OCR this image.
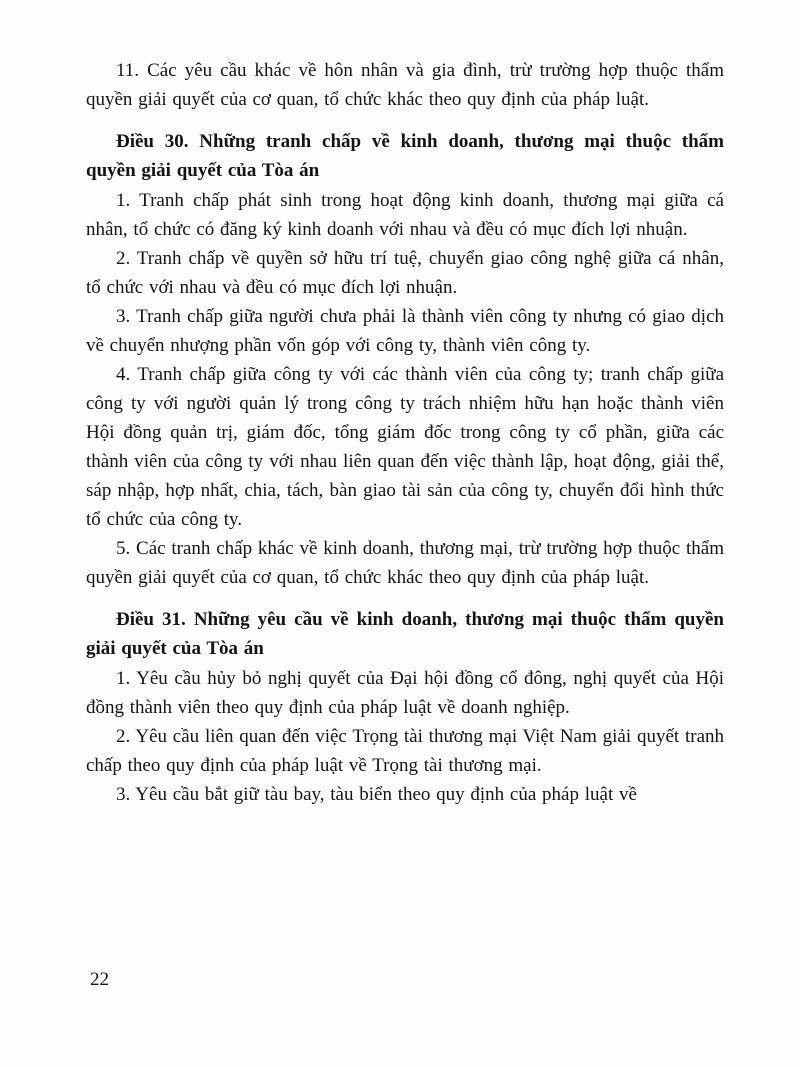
11. Các yêu cầu khác về hôn nhân và gia đình, trừ trường hợp thuộc thẩm quyền giải quyết của cơ quan, tổ chức khác theo quy định của pháp luật.

Điều 30. Những tranh chấp về kinh doanh, thương mại thuộc thẩm quyền giải quyết của Tòa án

1. Tranh chấp phát sinh trong hoạt động kinh doanh, thương mại giữa cá nhân, tổ chức có đăng ký kinh doanh với nhau và đều có mục đích lợi nhuận.

2. Tranh chấp về quyền sở hữu trí tuệ, chuyển giao công nghệ giữa cá nhân, tổ chức với nhau và đều có mục đích lợi nhuận.

3. Tranh chấp giữa người chưa phải là thành viên công ty nhưng có giao dịch về chuyển nhượng phần vốn góp với công ty, thành viên công ty.

4. Tranh chấp giữa công ty với các thành viên của công ty; tranh chấp giữa công ty với người quản lý trong công ty trách nhiệm hữu hạn hoặc thành viên Hội đồng quản trị, giám đốc, tổng giám đốc trong công ty cổ phần, giữa các thành viên của công ty với nhau liên quan đến việc thành lập, hoạt động, giải thể, sáp nhập, hợp nhất, chia, tách, bàn giao tài sản của công ty, chuyển đổi hình thức tổ chức của công ty.

5. Các tranh chấp khác về kinh doanh, thương mại, trừ trường hợp thuộc thẩm quyền giải quyết của cơ quan, tổ chức khác theo quy định của pháp luật.

Điều 31. Những yêu cầu về kinh doanh, thương mại thuộc thẩm quyền giải quyết của Tòa án

1. Yêu cầu hủy bỏ nghị quyết của Đại hội đồng cổ đông, nghị quyết của Hội đồng thành viên theo quy định của pháp luật về doanh nghiệp.

2. Yêu cầu liên quan đến việc Trọng tài thương mại Việt Nam giải quyết tranh chấp theo quy định của pháp luật về Trọng tài thương mại.

3. Yêu cầu bắt giữ tàu bay, tàu biển theo quy định của pháp luật về

22
